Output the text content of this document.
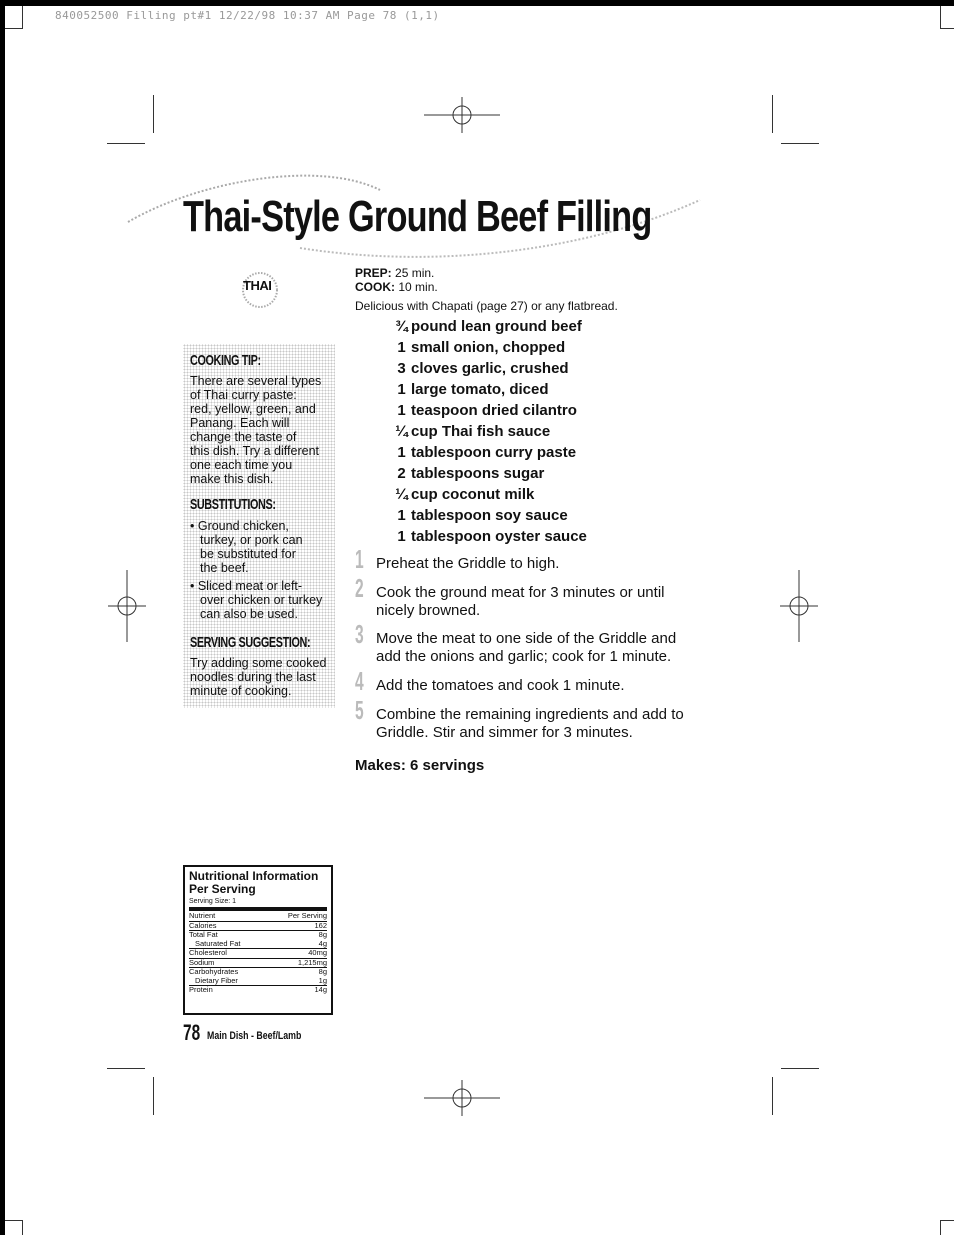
840052500 Filling pt#1 12/22/98 10:37 AM Page 78 (1,1)
Thai-Style Ground Beef Filling
THAI
COOKING TIP:
There are several types
of Thai curry paste:
red, yellow, green, and
Panang. Each will
change the taste of
this dish. Try a different
one each time you
make this dish.
SUBSTITUTIONS:
• Ground chicken,
turkey, or pork can
be substituted for
the beef.
• Sliced meat or left-
over chicken or turkey
can also be used.
SERVING SUGGESTION:
Try adding some cooked
noodles during the last
minute of cooking.
PREP: 25 min.
COOK: 10 min.
Delicious with Chapati (page 27) or any flatbread.
¾ pound lean ground beef
1 small onion, chopped
3 cloves garlic, crushed
1 large tomato, diced
1 teaspoon dried cilantro
¼ cup Thai fish sauce
1 tablespoon curry paste
2 tablespoons sugar
¼ cup coconut milk
1 tablespoon soy sauce
1 tablespoon oyster sauce
1 Preheat the Griddle to high.
2 Cook the ground meat for 3 minutes or until
nicely browned.
3 Move the meat to one side of the Griddle and
add the onions and garlic; cook for 1 minute.
4 Add the tomatoes and cook 1 minute.
5 Combine the remaining ingredients and add to
Griddle. Stir and simmer for 3 minutes.
Makes: 6 servings
Nutritional Information
Per Serving
Serving Size: 1
Nutrient	Per Serving
Calories	162
Total Fat	8g
Saturated Fat	4g
Cholesterol	40mg
Sodium	1,215mg
Carbohydrates	8g
Dietary Fiber	1g
Protein	14g
78 Main Dish - Beef/Lamb
